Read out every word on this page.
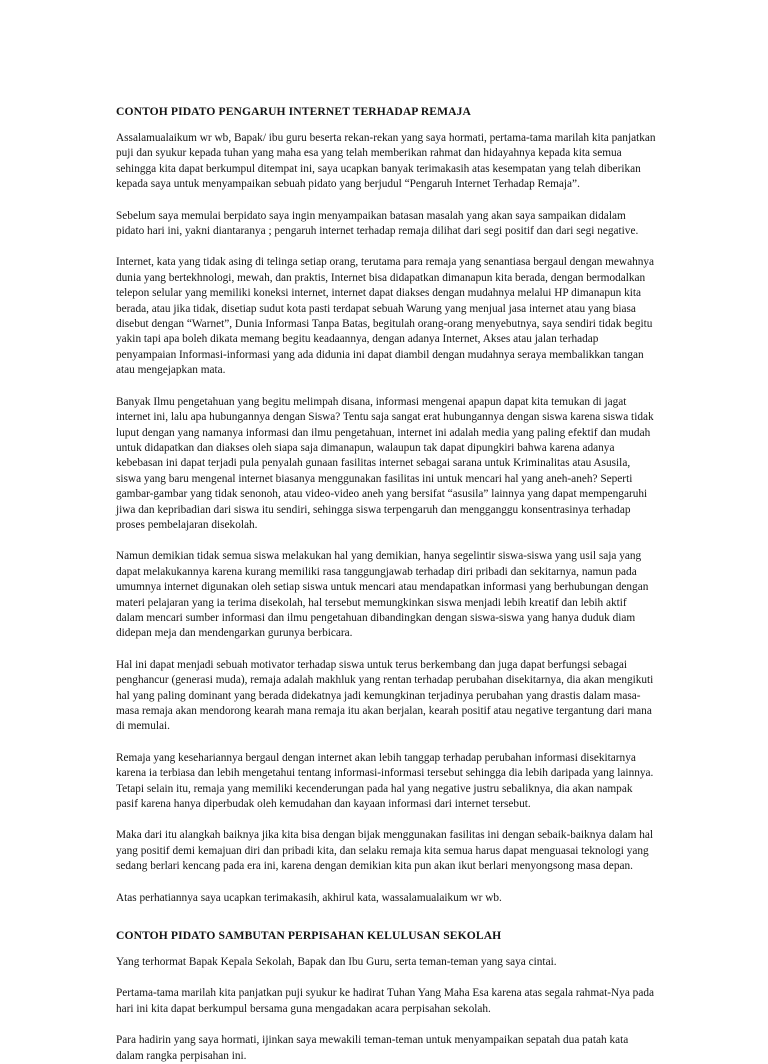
CONTOH PIDATO PENGARUH INTERNET TERHADAP REMAJA

Assalamualaikum wr wb, Bapak/ ibu guru beserta rekan-rekan yang saya hormati, pertama-tama marilah kita panjatkan puji dan syukur kepada tuhan yang maha esa yang telah memberikan rahmat dan hidayahnya kepada kita semua sehingga kita dapat berkumpul ditempat ini, saya ucapkan banyak terimakasih atas kesempatan yang telah diberikan kepada saya untuk menyampaikan sebuah pidato yang berjudul “Pengaruh Internet Terhadap Remaja”.

Sebelum saya memulai berpidato saya ingin menyampaikan batasan masalah yang akan saya sampaikan didalam pidato hari ini, yakni diantaranya ; pengaruh internet terhadap remaja dilihat dari segi positif dan dari segi negative.

Internet, kata yang tidak asing di telinga setiap orang, terutama para remaja yang senantiasa bergaul dengan mewahnya dunia yang bertekhnologi, mewah, dan praktis, Internet bisa didapatkan dimanapun kita berada, dengan bermodalkan telepon selular yang memiliki koneksi internet, internet dapat diakses dengan mudahnya melalui HP dimanapun kita berada, atau jika tidak, disetiap sudut kota pasti terdapat sebuah Warung yang menjual jasa internet atau yang biasa disebut dengan “Warnet”, Dunia Informasi Tanpa Batas, begitulah orang-orang menyebutnya, saya sendiri tidak begitu yakin tapi apa boleh dikata memang begitu keadaannya, dengan adanya Internet, Akses atau jalan terhadap penyampaian Informasi-informasi yang ada didunia ini dapat diambil dengan mudahnya seraya membalikkan tangan atau mengejapkan mata.

Banyak Ilmu pengetahuan yang begitu melimpah disana, informasi mengenai apapun dapat kita temukan di jagat internet ini, lalu apa hubungannya dengan Siswa? Tentu saja sangat erat hubungannya dengan siswa karena siswa tidak luput dengan yang namanya informasi dan ilmu pengetahuan, internet ini adalah media yang paling efektif dan mudah untuk didapatkan dan diakses oleh siapa saja dimanapun, walaupun tak dapat dipungkiri bahwa karena adanya kebebasan ini dapat terjadi pula penyalah gunaan fasilitas internet sebagai sarana untuk Kriminalitas atau Asusila, siswa yang baru mengenal internet biasanya menggunakan fasilitas ini untuk mencari hal yang aneh-aneh? Seperti gambar-gambar yang tidak senonoh, atau video-video aneh yang bersifat “asusila” lainnya yang dapat mempengaruhi jiwa dan kepribadian dari siswa itu sendiri, sehingga siswa terpengaruh dan mengganggu konsentrasinya terhadap proses pembelajaran disekolah.

Namun demikian tidak semua siswa melakukan hal yang demikian, hanya segelintir siswa-siswa yang usil saja yang dapat melakukannya karena kurang memiliki rasa tanggungjawab terhadap diri pribadi dan sekitarnya, namun pada umumnya internet digunakan oleh setiap siswa untuk mencari atau mendapatkan informasi yang berhubungan dengan materi pelajaran yang ia terima disekolah, hal tersebut memungkinkan siswa menjadi lebih kreatif dan lebih aktif dalam mencari sumber informasi dan ilmu pengetahuan dibandingkan dengan siswa-siswa yang hanya duduk diam didepan meja dan mendengarkan gurunya berbicara.

Hal ini dapat menjadi sebuah motivator terhadap siswa untuk terus berkembang dan juga dapat berfungsi sebagai penghancur (generasi muda), remaja adalah makhluk yang rentan terhadap perubahan disekitarnya, dia akan mengikuti hal yang paling dominant yang berada didekatnya jadi kemungkinan terjadinya perubahan yang drastis dalam masa-masa remaja akan mendorong kearah mana remaja itu akan berjalan, kearah positif atau negative tergantung dari mana di memulai.

Remaja yang kesehariannya bergaul dengan internet akan lebih tanggap terhadap perubahan informasi disekitarnya karena ia terbiasa dan lebih mengetahui tentang informasi-informasi tersebut sehingga dia lebih daripada yang lainnya. Tetapi selain itu, remaja yang memiliki kecenderungan pada hal yang negative justru sebaliknya, dia akan nampak pasif karena hanya diperbudak oleh kemudahan dan kayaan informasi dari internet tersebut.

Maka dari itu alangkah baiknya jika kita bisa dengan bijak menggunakan fasilitas ini dengan sebaik-baiknya dalam hal yang positif demi kemajuan diri dan pribadi kita, dan selaku remaja kita semua harus dapat menguasai teknologi yang sedang berlari kencang pada era ini, karena dengan demikian kita pun akan ikut berlari menyongsong masa depan.

Atas perhatiannya saya ucapkan terimakasih, akhirul kata, wassalamualaikum wr wb.

CONTOH PIDATO SAMBUTAN PERPISAHAN KELULUSAN SEKOLAH

Yang terhormat Bapak Kepala Sekolah, Bapak dan Ibu Guru, serta teman-teman yang saya cintai.

Pertama-tama marilah kita panjatkan puji syukur ke hadirat Tuhan Yang Maha Esa karena atas segala rahmat-Nya pada hari ini kita dapat berkumpul bersama guna mengadakan acara perpisahan sekolah.

Para hadirin yang saya hormati, ijinkan saya mewakili teman-teman untuk menyampaikan sepatah dua patah kata dalam rangka perpisahan ini.
